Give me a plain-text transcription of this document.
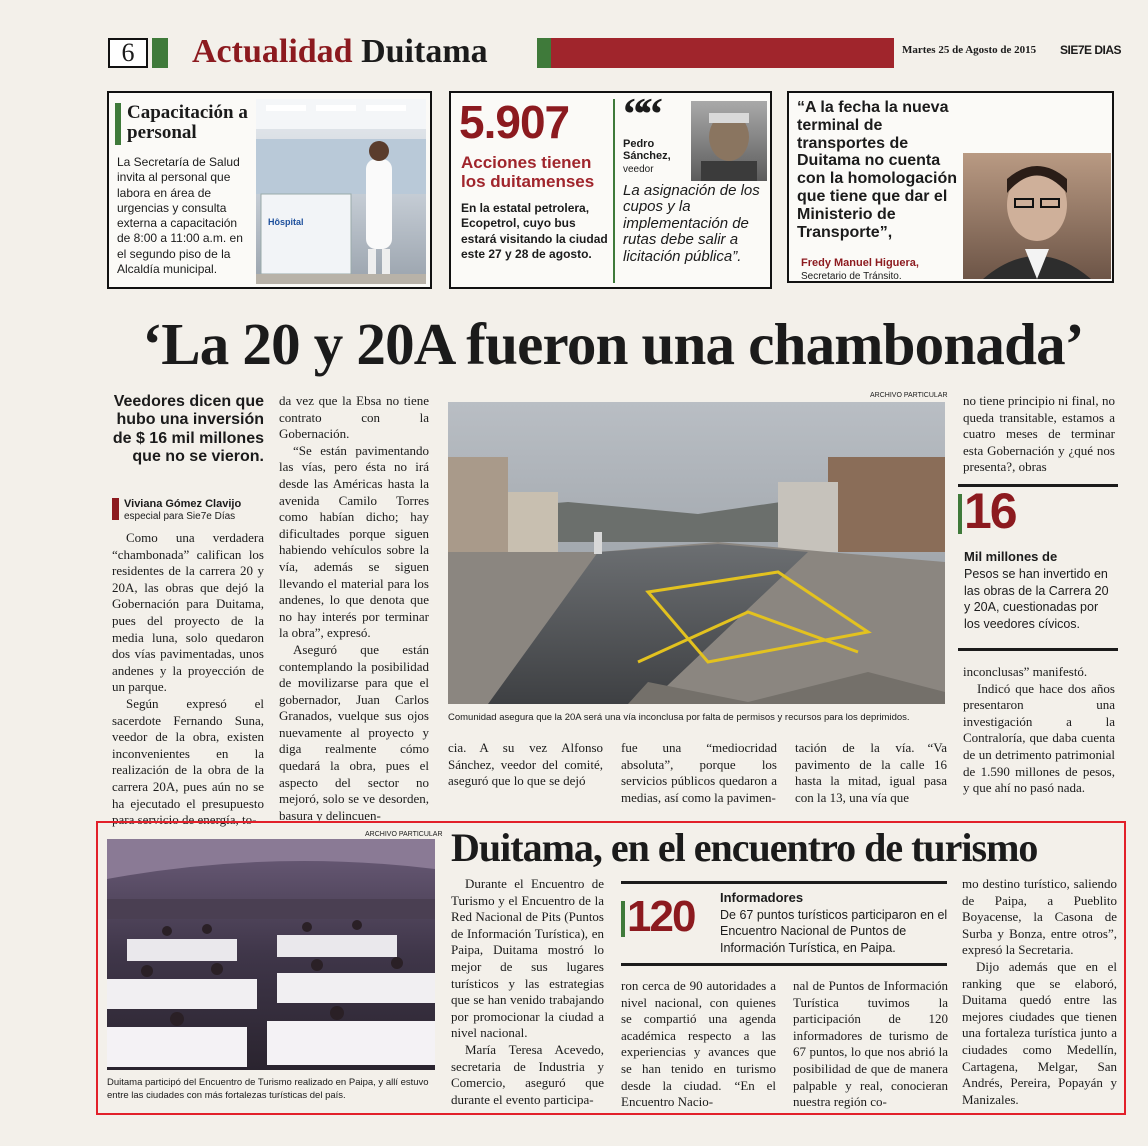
6	Actualidad Duitama	Martes 25 de Agosto de 2015 SIE7E DIAS
Capacitación a personal
La Secretaría de Salud invita al personal que labora en área de urgencias y consulta externa a capacitación de 8:00 a 11:00 a.m. en el segundo piso de la Alcaldía municipal.
Hôspital
5.907
Acciones tienen los duitamenses
En la estatal petrolera, Ecopetrol, cuyo bus estará visitando la ciudad este 27 y 28 de agosto.
““
Pedro Sánchez,
veedor
La asignación de los cupos y la implementación de rutas debe salir a licitación pública”.
“A la fecha la nueva terminal de transportes de Duitama no cuenta con la homologación que tiene que dar el Ministerio de Transporte”,
Fredy Manuel Higuera,
Secretario de Tránsito.
‘La 20 y 20A fueron una chambonada’
Veedores dicen que hubo una inversión de $ 16 mil millones que no se vieron.
Viviana Gómez Clavijo
especial para Sie7e Días

Como una verdadera “chambonada” califican los residentes de la carrera 20 y 20A, las obras que dejó la Gobernación para Duitama, pues del proyecto de la media luna, solo quedaron dos vías pavimentadas, unos andenes y la proyección de un parque.

Según expresó el sacerdote Fernando Suna, veedor de la obra, existen inconvenientes en la realización de la obra de la carrera 20A, pues aún no se ha ejecutado el presupuesto para servicio de energía, to-

da vez que la Ebsa no tiene contrato con la Gobernación.

“Se están pavimentando las vías, pero ésta no irá desde las Américas hasta la avenida Camilo Torres como habían dicho; hay dificultades porque siguen habiendo vehículos sobre la vía, además se siguen llevando el material para los andenes, lo que denota que no hay interés por terminar la obra”, expresó.

Aseguró que están contemplando la posibilidad de movilizarse para que el gobernador, Juan Carlos Granados, vuelque sus ojos nuevamente al proyecto y diga realmente cómo quedará la obra, pues el aspecto del sector no mejoró, solo se ve desorden, basura y delincuen-

ARCHIVO PARTICULAR
Comunidad asegura que la 20A será una vía inconclusa por falta de permisos y recursos para los deprimidos.

cia. A su vez Alfonso Sánchez, veedor del comité, aseguró que lo que se dejó

fue una “mediocridad absoluta”, porque los servicios públicos quedaron a medias, así como la pavimen-

tación de la vía. “Va pavimento de la calle 16 hasta la mitad, igual pasa con la 13, una vía que

no tiene principio ni final, no queda transitable, estamos a cuatro meses de terminar esta Gobernación y ¿qué nos presenta?, obras

16
Mil millones de
Pesos se han invertido en las obras de la Carrera 20 y 20A, cuestionadas por los veedores cívicos.

inconclusas” manifestó.

Indicó que hace dos años presentaron una investigación a la Contraloría, que daba cuenta de un detrimento patrimonial de 1.590 millones de pesos, y que ahí no pasó nada.

ARCHIVO PARTICULAR
Duitama participó del Encuentro de Turismo realizado en Paipa, y allí estuvo entre las ciudades con más fortalezas turísticas del país.
Duitama, en el encuentro de turismo

Durante el Encuentro de Turismo y el Encuentro de la Red Nacional de Pits (Puntos de Información Turística), en Paipa, Duitama mostró lo mejor de sus lugares turísticos y las estrategias que se han venido trabajando por promocionar la ciudad a nivel nacional.

María Teresa Acevedo, secretaria de Industria y Comercio, aseguró que durante el evento participa-

120 Informadores
De 67 puntos turísticos participaron en el Encuentro Nacional de Puntos de Información Turística, en Paipa.

ron cerca de 90 autoridades a nivel nacional, con quienes se compartió una agenda académica respecto a las experiencias y avances que se han tenido en turismo desde la ciudad. “En el Encuentro Nacio-

nal de Puntos de Información Turística tuvimos la participación de 120 informadores de turismo de 67 puntos, lo que nos abrió la posibilidad de que de manera palpable y real, conocieran nuestra región co-

mo destino turístico, saliendo de Paipa, a Pueblito Boyacense, la Casona de Surba y Bonza, entre otros”, expresó la Secretaria.

Dijo además que en el ranking que se elaboró, Duitama quedó entre las mejores ciudades que tienen una fortaleza turística junto a ciudades como Medellín, Cartagena, Melgar, San Andrés, Pereira, Popayán y Manizales.
